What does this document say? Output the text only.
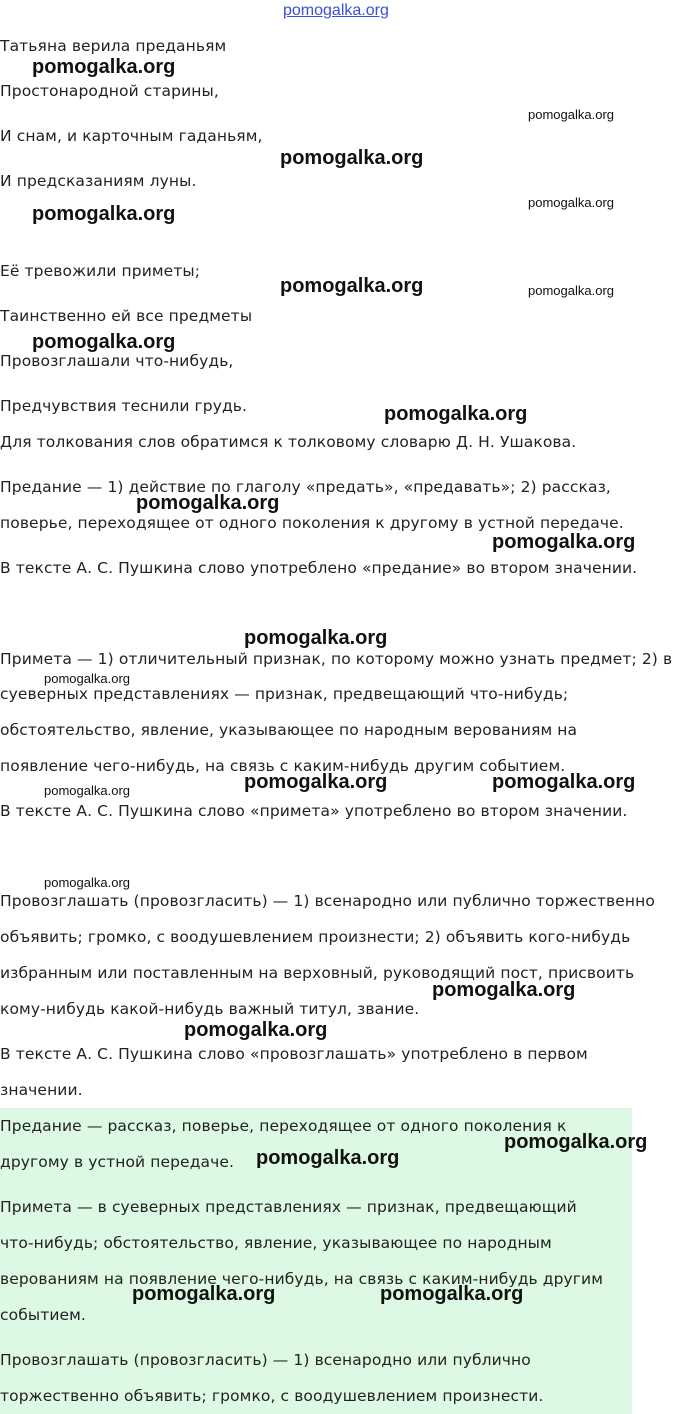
pomogalka.org

Татьяна верила преданьям

Простонародной старины,

И снам, и карточным гаданьям,

И предсказаниям луны.

Её тревожили приметы;

Таинственно ей все предметы

Провозглашали что-нибудь,

Предчувствия теснили грудь.

Для толкования слов обратимся к толковому словарю Д. Н. Ушакова.

Предание — 1) действие по глаголу «предать», «предавать»; 2) рассказ,

поверье, переходящее от одного поколения к другому в устной передаче.

В тексте А. С. Пушкина слово употреблено «предание» во втором значении.

Примета — 1) отличительный признак, по которому можно узнать предмет; 2) в

суеверных представлениях — признак, предвещающий что-нибудь;

обстоятельство, явление, указывающее по народным верованиям на

появление чего-нибудь, на связь с каким-нибудь другим событием.

В тексте А. С. Пушкина слово «примета» употреблено во втором значении.

Провозглашать (провозгласить) — 1) всенародно или публично торжественно

объявить; громко, с воодушевлением произнести; 2) объявить кого-нибудь

избранным или поставленным на верховный, руководящий пост, присвоить

кому-нибудь какой-нибудь важный титул, звание.

В тексте А. С. Пушкина слово «провозглашать» употреблено в первом

значении.

Предание — рассказ, поверье, переходящее от одного поколения к

другому в устной передаче.

Примета — в суеверных представлениях — признак, предвещающий

что-нибудь; обстоятельство, явление, указывающее по народным

верованиям на появление чего-нибудь, на связь с каким-нибудь другим

событием.

Провозглашать (провозгласить) — 1) всенародно или публично

торжественно объявить; громко, с воодушевлением произнести.

pomogalka.org

pomogalka.org

pomogalka.org

pomogalka.org

pomogalka.org

pomogalka.org	pomogalka.org

pomogalka.org

pomogalka.org

pomogalka.org

pomogalka.org

pomogalka.org

pomogalka.org

pomogalka.org	pomogalka.org

pomogalka.org

pomogalka.org

pomogalka.org

pomogalka.org

pomogalka.org

pomogalka.org

pomogalka.org	pomogalka.org
